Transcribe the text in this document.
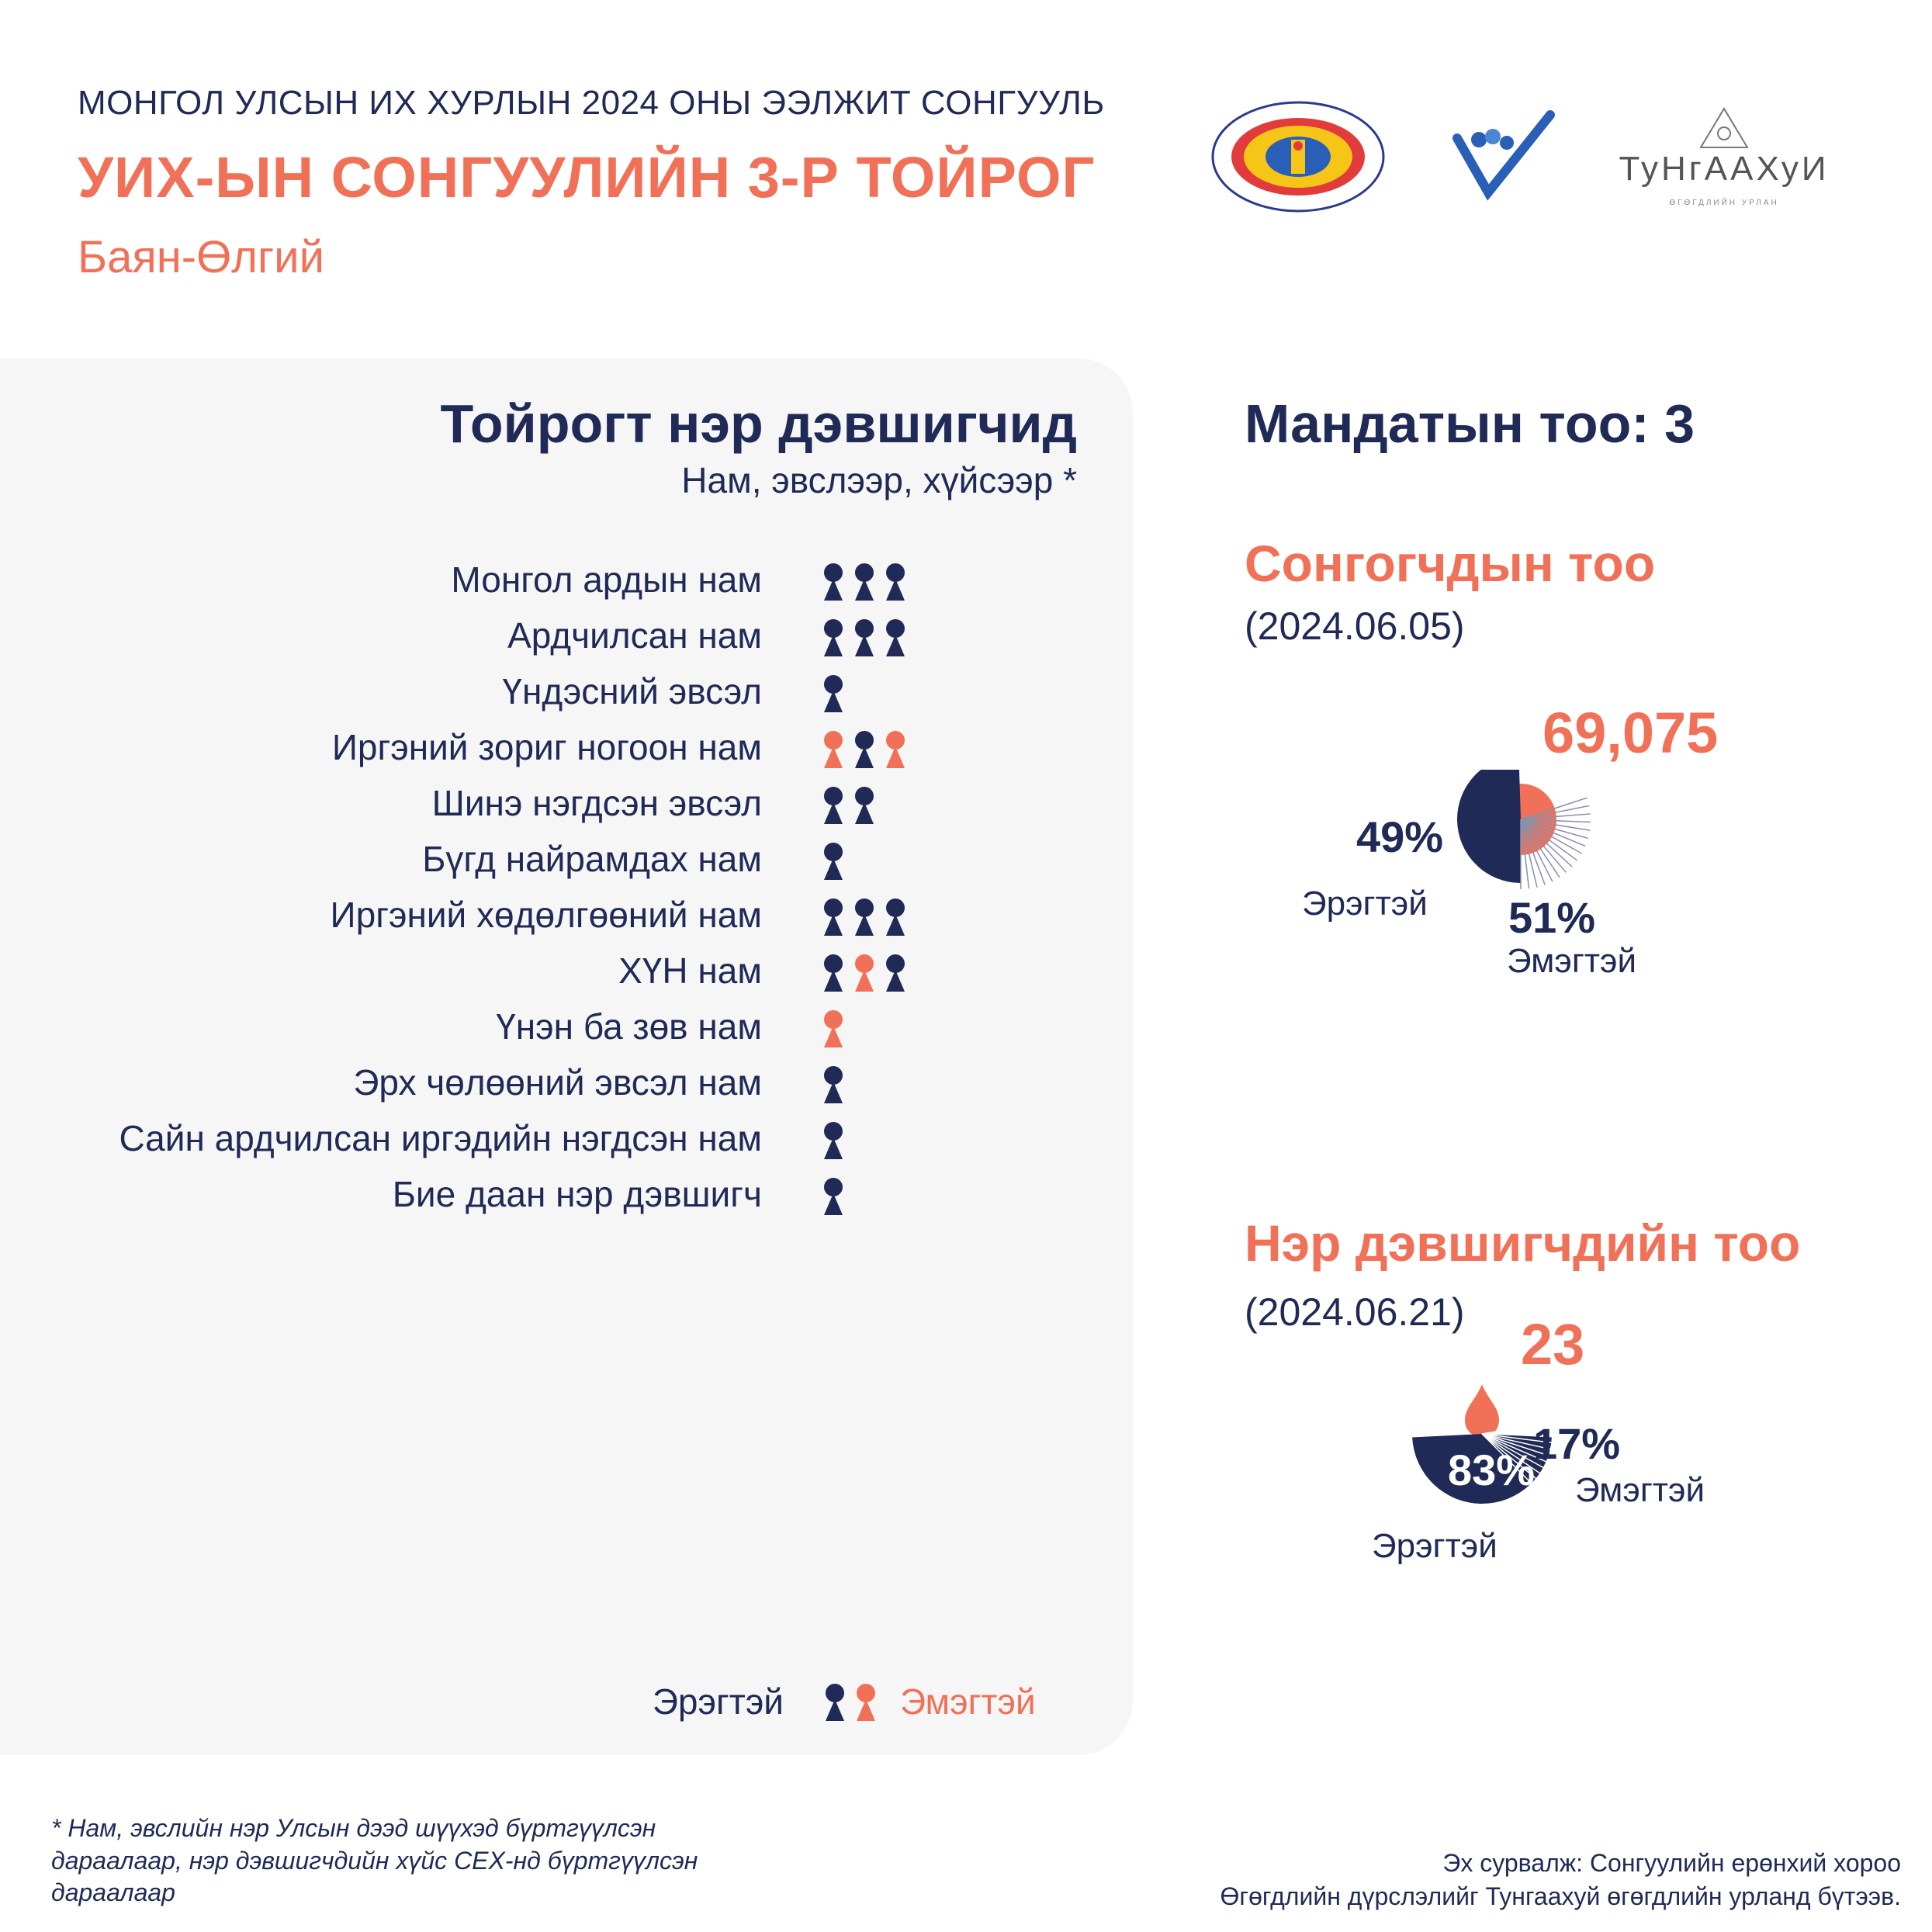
МОНГОЛ УЛСЫН ИХ ХУРЛЫН 2024 ОНЫ ЭЭЛЖИТ СОНГУУЛЬ
УИХ-ЫН СОНГУУЛИЙН 3-Р ТОЙРОГ
Баян-Өлгий
ТуНгААХуИ
ӨГӨГДЛИЙН УРЛАН
Тойрогт нэр дэвшигчид
Нам, эвслээр, хүйсээр *
Монгол ардын нам
Ардчилсан нам
Үндэсний эвсэл
Иргэний зориг ногоон нам
Шинэ нэгдсэн эвсэл
Бүгд найрамдах нам
Иргэний хөдөлгөөний нам
ХҮН нам
Үнэн ба зөв нам
Эрх чөлөөний эвсэл нам
Сайн ардчилсан иргэдийн нэгдсэн нам
Бие даан нэр дэвшигч
Эрэгтэй	Эмэгтэй
Мандатын тоо: 3
Сонгогчдын тоо
(2024.06.05)
69,075
49%
Эрэгтэй 51%
Эмэгтэй
Нэр дэвшигчдийн тоо
(2024.06.21) 23
83%
17%
Эмэгтэй
Эрэгтэй
* Нам, эвслийн нэр Улсын дээд шүүхэд бүртгүүлсэн дараалаар, нэр дэвшигчдийн хүйс СЕХ-нд бүртгүүлсэн дараалаар
Эх сурвалж: Сонгуулийн ерөнхий хороо
Өгөгдлийн дүрслэлийг Тунгаахуй өгөгдлийн урланд бүтээв.
